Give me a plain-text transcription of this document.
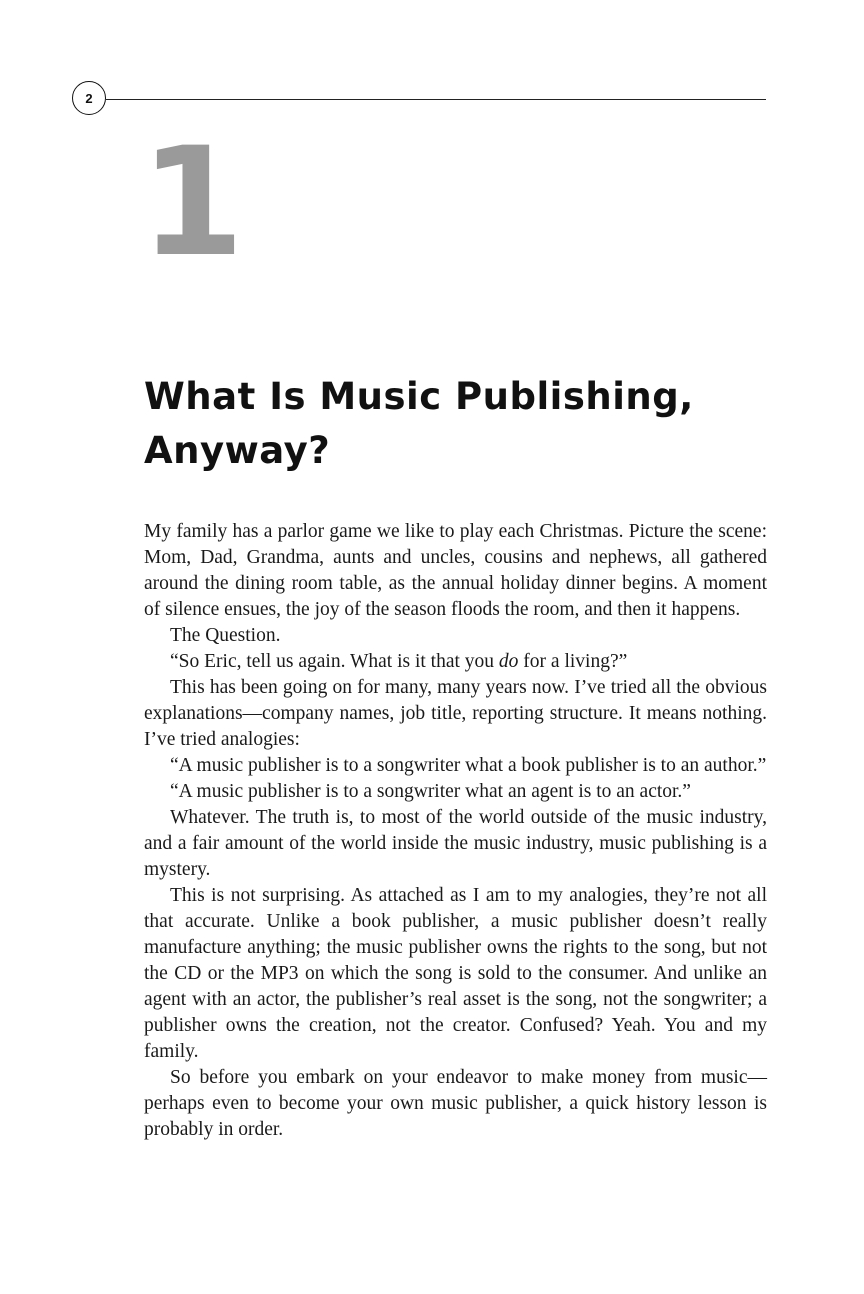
2
1
What Is Music Publishing, Anyway?

My family has a parlor game we like to play each Christmas. Picture the scene: Mom, Dad, Grandma, aunts and uncles, cousins and nephews, all gathered around the dining room table, as the annual holiday dinner begins. A moment of silence ensues, the joy of the season floods the room, and then it happens.

The Question.

“So Eric, tell us again. What is it that you do for a living?”

This has been going on for many, many years now. I’ve tried all the obvious explanations—company names, job title, reporting structure. It means nothing. I’ve tried analogies:

“A music publisher is to a songwriter what a book publisher is to an author.”

“A music publisher is to a songwriter what an agent is to an actor.”

Whatever. The truth is, to most of the world outside of the music industry, and a fair amount of the world inside the music industry, music publishing is a mystery.

This is not surprising. As attached as I am to my analogies, they’re not all that accurate. Unlike a book publisher, a music publisher doesn’t really manufacture anything; the music publisher owns the rights to the song, but not the CD or the MP3 on which the song is sold to the consumer. And unlike an agent with an actor, the publisher’s real asset is the song, not the songwriter; a publisher owns the creation, not the creator. Confused? Yeah. You and my family.

So before you embark on your endeavor to make money from music—perhaps even to become your own music publisher, a quick history lesson is probably in order.
